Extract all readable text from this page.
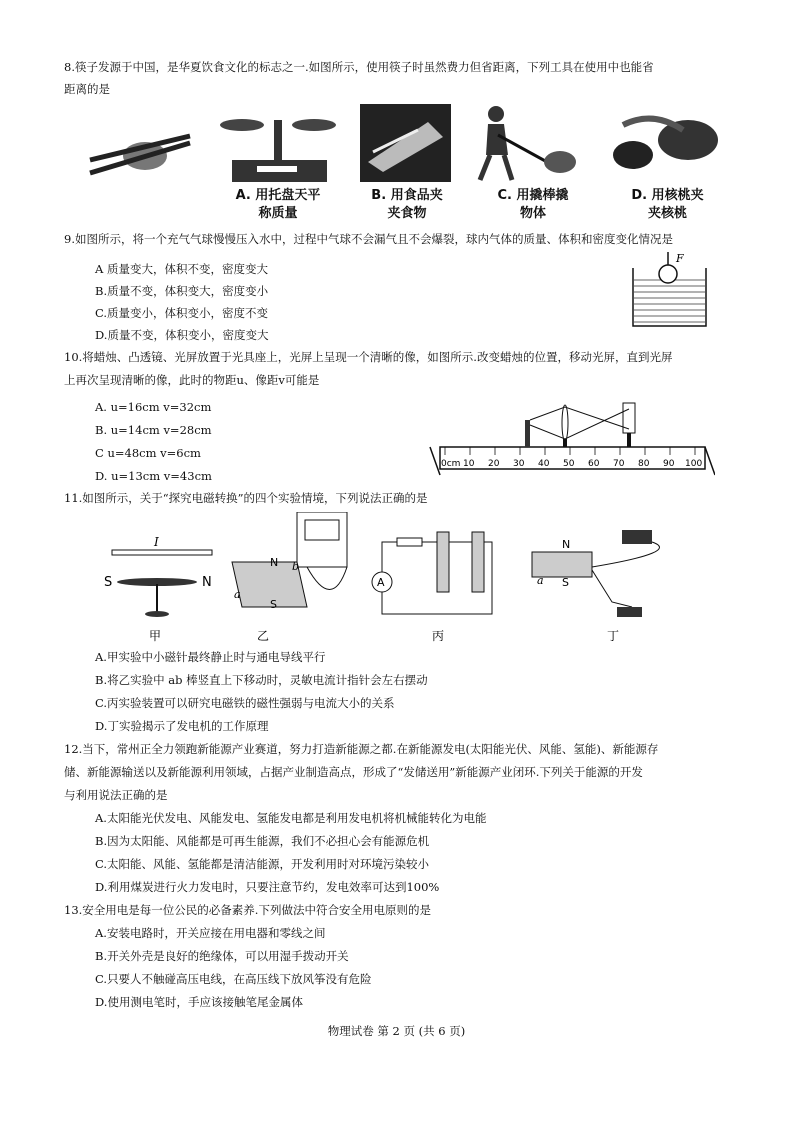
8.筷子发源于中国，是华夏饮食文化的标志之一.如图所示，使用筷子时虽然费力但省距离，下列工具在使用中也能省
距离的是
A. 用托盘天平
称质量
B. 用食品夹
夹食物
C. 用撬棒撬
物体
D. 用核桃夹
夹核桃
9.如图所示，将一个充气气球慢慢压入水中，过程中气球不会漏气且不会爆裂，球内气体的质量、体积和密度变化情况是
A 质量变大，体积不变，密度变大
B.质量不变，体积变大，密度变小
C.质量变小，体积变小，密度不变
D.质量不变，体积变小，密度变大
F
10.将蜡烛、凸透镜、光屏放置于光具座上，光屏上呈现一个清晰的像，如图所示.改变蜡烛的位置，移动光屏，直到光屏
上再次呈现清晰的像，此时的物距u、像距v可能是
A. u=16cm v=32cm
B. u=14cm v=28cm
C u=48cm v=6cm
D. u=13cm v=43cm
0cm 10 20 30 40 50 60 70 80 90 100
11.如图所示，关于“探究电磁转换”的四个实验情境，下列说法正确的是
I
S	N
甲
N
S
b
a
乙
A
丙
N
S
a
丁
A.甲实验中小磁针最终静止时与通电导线平行
B.将乙实验中 ab 棒竖直上下移动时，灵敏电流计指针会左右摆动
C.丙实验装置可以研究电磁铁的磁性强弱与电流大小的关系
D.丁实验揭示了发电机的工作原理
12.当下，常州正全力领跑新能源产业赛道，努力打造新能源之都.在新能源发电(太阳能光伏、风能、氢能)、新能源存
储、新能源输送以及新能源利用领域，占据产业制造高点，形成了“发储送用”新能源产业闭环.下列关于能源的开发
与利用说法正确的是
A.太阳能光伏发电、风能发电、氢能发电都是利用发电机将机械能转化为电能
B.因为太阳能、风能都是可再生能源，我们不必担心会有能源危机
C.太阳能、风能、氢能都是清洁能源，开发利用时对环境污染较小
D.利用煤炭进行火力发电时，只要注意节约，发电效率可达到100%
13.安全用电是每一位公民的必备素养.下列做法中符合安全用电原则的是
A.安装电路时，开关应接在用电器和零线之间
B.开关外壳是良好的绝缘体，可以用湿手拨动开关
C.只要人不触碰高压电线，在高压线下放风筝没有危险
D.使用测电笔时，手应该接触笔尾金属体
物理试卷 第 2 页 (共 6 页)
